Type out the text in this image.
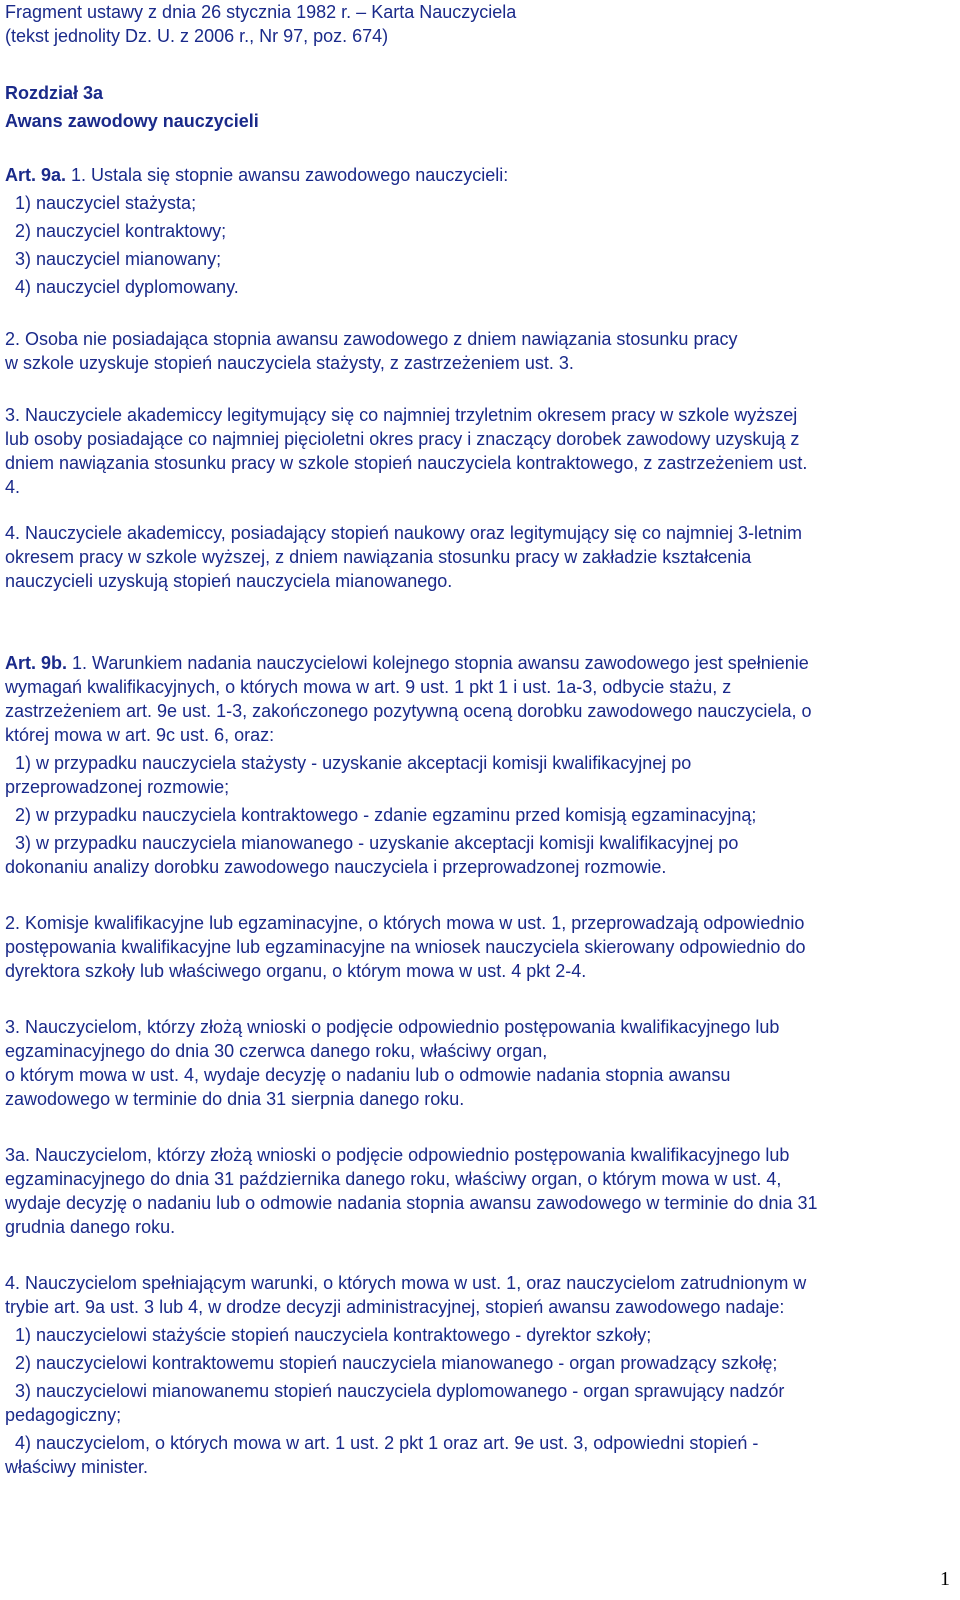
Fragment ustawy z dnia 26 stycznia 1982 r. – Karta Nauczyciela

(tekst jednolity Dz. U. z 2006 r., Nr 97, poz. 674)

Rozdział 3a

Awans zawodowy nauczycieli

Art. 9a. 1. Ustala się stopnie awansu zawodowego nauczycieli:

1) nauczyciel stażysta;

2) nauczyciel kontraktowy;

3) nauczyciel mianowany;

4) nauczyciel dyplomowany.

2. Osoba nie posiadająca stopnia awansu zawodowego z dniem nawiązania stosunku pracy

w szkole uzyskuje stopień nauczyciela stażysty, z zastrzeżeniem ust. 3.

3. Nauczyciele akademiccy legitymujący się co najmniej trzyletnim okresem pracy w szkole wyższej

lub osoby posiadające co najmniej pięcioletni okres pracy i znaczący dorobek zawodowy uzyskują z

dniem nawiązania stosunku pracy w szkole stopień nauczyciela kontraktowego, z zastrzeżeniem ust.

4.

4. Nauczyciele akademiccy, posiadający stopień naukowy oraz legitymujący się co najmniej 3-letnim

okresem pracy w szkole wyższej, z dniem nawiązania stosunku pracy w zakładzie kształcenia

nauczycieli uzyskują stopień nauczyciela mianowanego.

Art. 9b. 1. Warunkiem nadania nauczycielowi kolejnego stopnia awansu zawodowego jest spełnienie

wymagań kwalifikacyjnych, o których mowa w art. 9 ust. 1 pkt 1 i ust. 1a-3, odbycie stażu, z

zastrzeżeniem art. 9e ust. 1-3, zakończonego pozytywną oceną dorobku zawodowego nauczyciela, o

której mowa w art. 9c ust. 6, oraz:

1) w przypadku nauczyciela stażysty - uzyskanie akceptacji komisji kwalifikacyjnej po

przeprowadzonej rozmowie;

2) w przypadku nauczyciela kontraktowego - zdanie egzaminu przed komisją egzaminacyjną;

3) w przypadku nauczyciela mianowanego - uzyskanie akceptacji komisji kwalifikacyjnej po

dokonaniu analizy dorobku zawodowego nauczyciela i przeprowadzonej rozmowie.

2. Komisje kwalifikacyjne lub egzaminacyjne, o których mowa w ust. 1, przeprowadzają odpowiednio

postępowania kwalifikacyjne lub egzaminacyjne na wniosek nauczyciela skierowany odpowiednio do

dyrektora szkoły lub właściwego organu, o którym mowa w ust. 4 pkt 2-4.

3. Nauczycielom, którzy złożą wnioski o podjęcie odpowiednio postępowania kwalifikacyjnego lub

egzaminacyjnego do dnia 30 czerwca danego roku, właściwy organ,

o którym mowa w ust. 4, wydaje decyzję o nadaniu lub o odmowie nadania stopnia awansu

zawodowego w terminie do dnia 31 sierpnia danego roku.

3a. Nauczycielom, którzy złożą wnioski o podjęcie odpowiednio postępowania kwalifikacyjnego lub

egzaminacyjnego do dnia 31 października danego roku, właściwy organ, o którym mowa w ust. 4,

wydaje decyzję o nadaniu lub o odmowie nadania stopnia awansu zawodowego w terminie do dnia 31

grudnia danego roku.

4. Nauczycielom spełniającym warunki, o których mowa w ust. 1, oraz nauczycielom zatrudnionym w

trybie art. 9a ust. 3 lub 4, w drodze decyzji administracyjnej, stopień awansu zawodowego nadaje:

1) nauczycielowi stażyście stopień nauczyciela kontraktowego - dyrektor szkoły;

2) nauczycielowi kontraktowemu stopień nauczyciela mianowanego - organ prowadzący szkołę;

3) nauczycielowi mianowanemu stopień nauczyciela dyplomowanego - organ sprawujący nadzór

pedagogiczny;

4) nauczycielom, o których mowa w art. 1 ust. 2 pkt 1 oraz art. 9e ust. 3, odpowiedni stopień -

właściwy minister.

1
